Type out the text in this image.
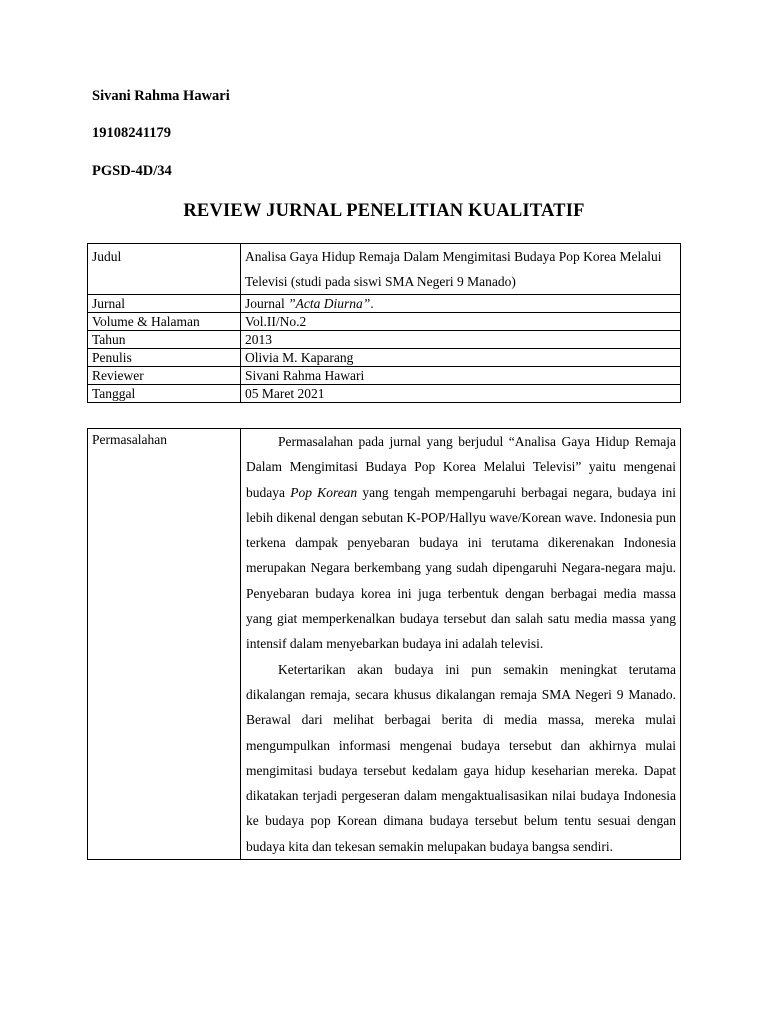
Sivani Rahma Hawari
19108241179
PGSD-4D/34
REVIEW JURNAL PENELITIAN KUALITATIF
Judul	Analisa Gaya Hidup Remaja Dalam Mengimitasi Budaya Pop Korea Melalui Televisi (studi pada siswi SMA Negeri 9 Manado)
Jurnal	Journal ”Acta Diurna”.
Volume & Halaman	Vol.II/No.2
Tahun	2013
Penulis	Olivia M. Kaparang
Reviewer	Sivani Rahma Hawari
Tanggal	05 Maret 2021
Permasalahan	Permasalahan pada jurnal yang berjudul “Analisa Gaya Hidup Remaja Dalam Mengimitasi Budaya Pop Korea Melalui Televisi” yaitu mengenai budaya Pop Korean yang tengah mempengaruhi berbagai negara, budaya ini lebih dikenal dengan sebutan K-POP/Hallyu wave/Korean wave. Indonesia pun terkena dampak penyebaran budaya ini terutama dikerenakan Indonesia merupakan Negara berkembang yang sudah dipengaruhi Negara-negara maju. Penyebaran budaya korea ini juga terbentuk dengan berbagai media massa yang giat memperkenalkan budaya tersebut dan salah satu media massa yang intensif dalam menyebarkan budaya ini adalah televisi.

Ketertarikan akan budaya ini pun semakin meningkat terutama dikalangan remaja, secara khusus dikalangan remaja SMA Negeri 9 Manado. Berawal dari melihat berbagai berita di media massa, mereka mulai mengumpulkan informasi mengenai budaya tersebut dan akhirnya mulai mengimitasi budaya tersebut kedalam gaya hidup keseharian mereka. Dapat dikatakan terjadi pergeseran dalam mengaktualisasikan nilai budaya Indonesia ke budaya pop Korean dimana budaya tersebut belum tentu sesuai dengan budaya kita dan tekesan semakin melupakan budaya bangsa sendiri.
